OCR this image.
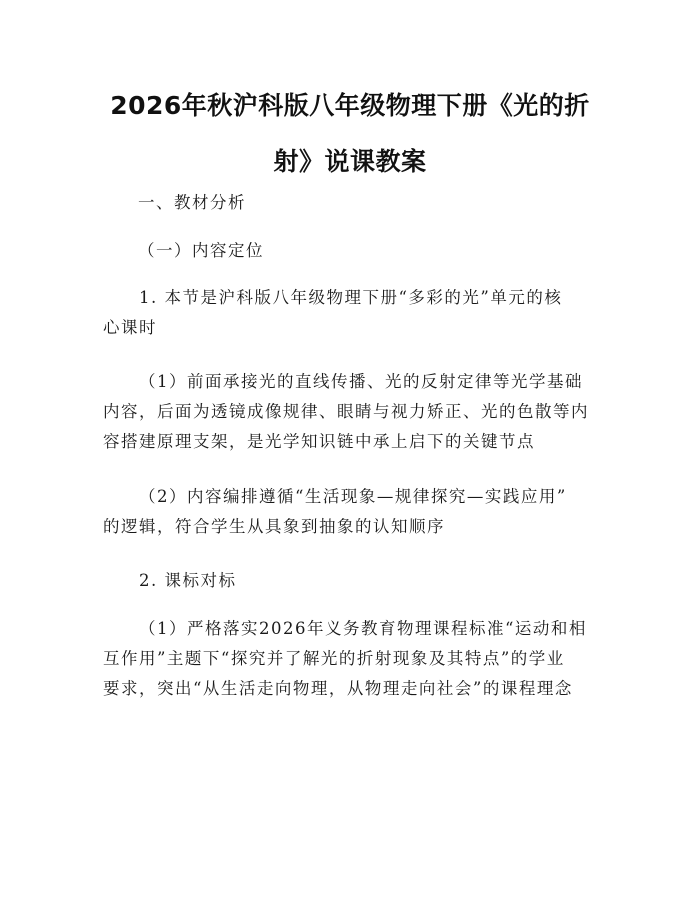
2026年秋沪科版八年级物理下册《光的折
射》说课教案
一、教材分析
（一）内容定位
1. 本节是沪科版八年级物理下册“多彩的光”单元的核
心课时
（1）前面承接光的直线传播、光的反射定律等光学基础
内容，后面为透镜成像规律、眼睛与视力矫正、光的色散等内
容搭建原理支架，是光学知识链中承上启下的关键节点
（2）内容编排遵循“生活现象—规律探究—实践应用”
的逻辑，符合学生从具象到抽象的认知顺序
2. 课标对标
（1）严格落实2026年义务教育物理课程标准“运动和相
互作用”主题下“探究并了解光的折射现象及其特点”的学业
要求，突出“从生活走向物理，从物理走向社会”的课程理念
